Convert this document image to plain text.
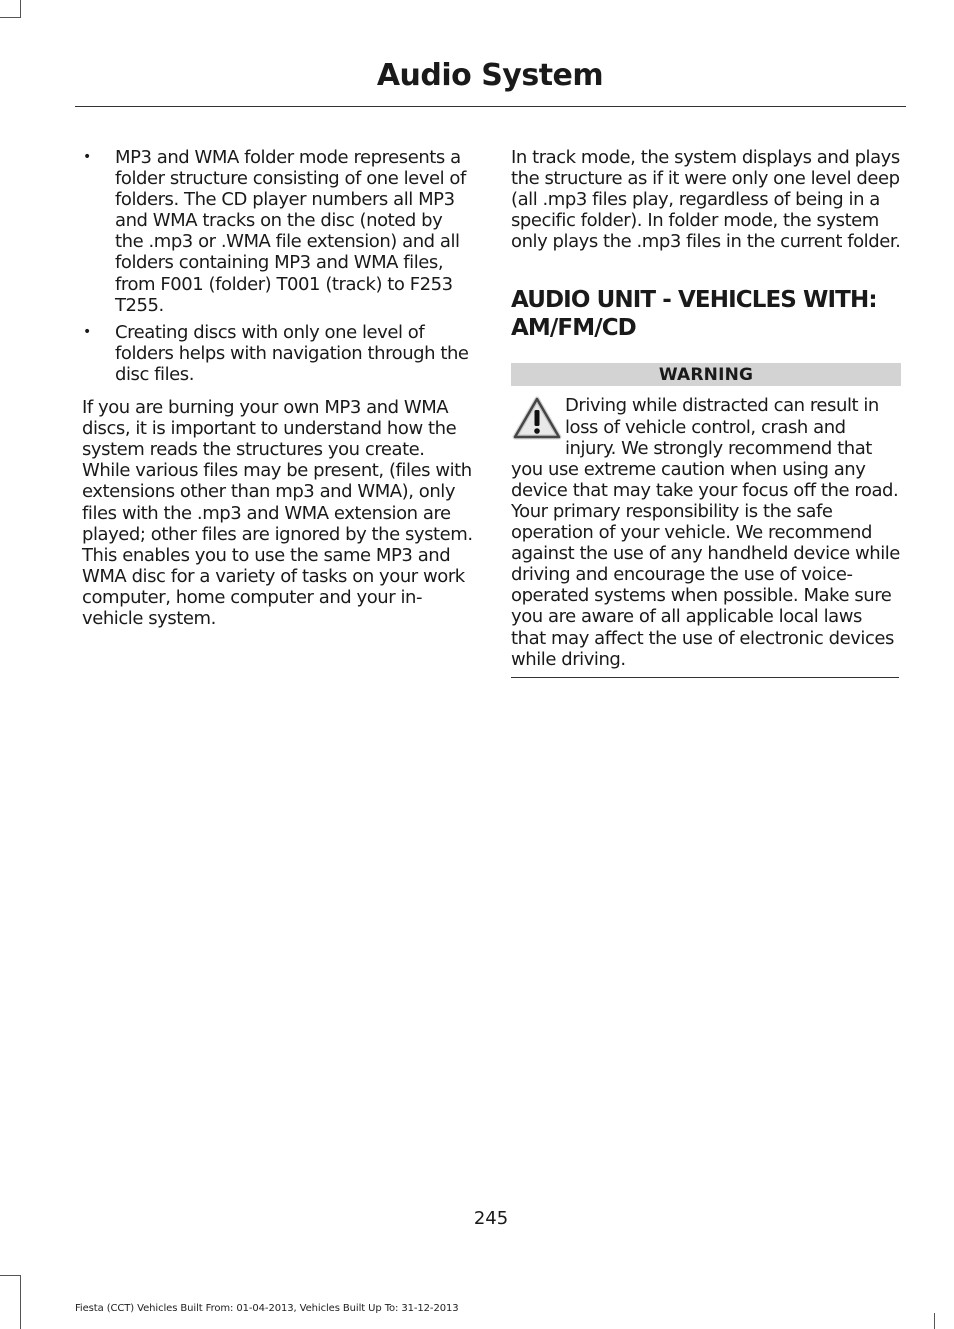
Audio System
• MP3 and WMA folder mode represents a folder structure consisting of one level of folders. The CD player numbers all MP3 and WMA tracks on the disc (noted by the .mp3 or .WMA file extension) and all folders containing MP3 and WMA files, from F001 (folder) T001 (track) to F253 T255.
• Creating discs with only one level of folders helps with navigation through the disc files.

If you are burning your own MP3 and WMA discs, it is important to understand how the system reads the structures you create. While various files may be present, (files with extensions other than mp3 and WMA), only files with the .mp3 and WMA extension are played; other files are ignored by the system. This enables you to use the same MP3 and WMA disc for a variety of tasks on your work computer, home computer and your in-vehicle system.

In track mode, the system displays and plays the structure as if it were only one level deep (all .mp3 files play, regardless of being in a specific folder). In folder mode, the system only plays the .mp3 files in the current folder.

AUDIO UNIT - VEHICLES WITH: AM/FM/CD
WARNING
Driving while distracted can result in loss of vehicle control, crash and injury. We strongly recommend that you use extreme caution when using any device that may take your focus off the road. Your primary responsibility is the safe operation of your vehicle. We recommend against the use of any handheld device while driving and encourage the use of voice-operated systems when possible. Make sure you are aware of all applicable local laws that may affect the use of electronic devices while driving.
245
Fiesta (CCT) Vehicles Built From: 01-04-2013, Vehicles Built Up To: 31-12-2013
